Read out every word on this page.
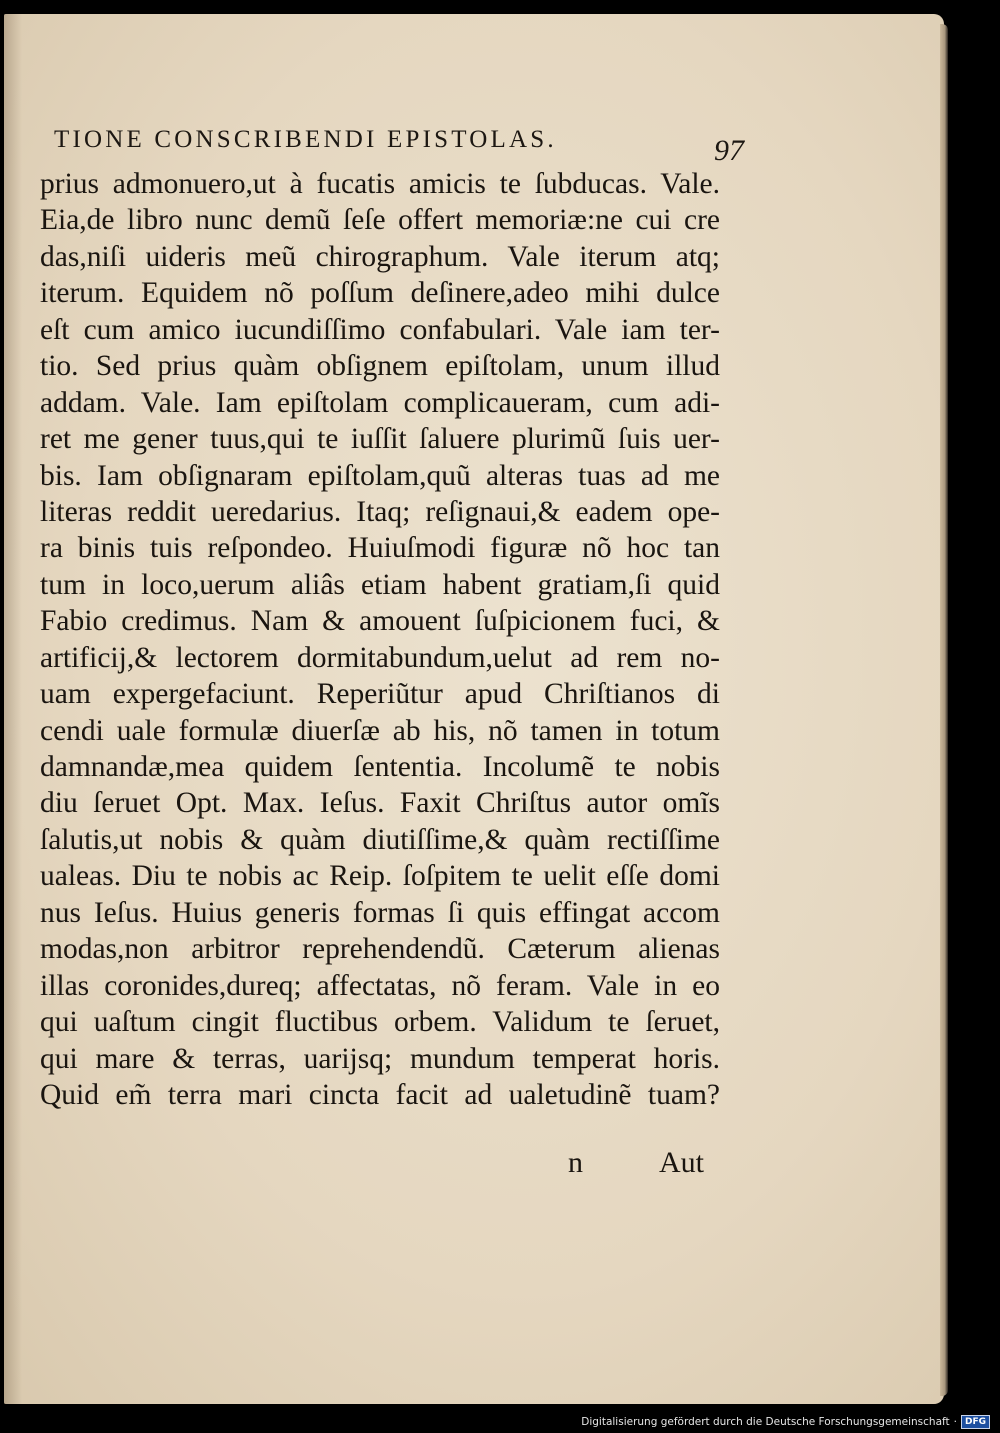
TIONE CONSCRIBENDI EPISTOLAS.	97
prius admonuero,ut à fucatis amicis te ſubducas. Vale.
Eia,de libro nunc demũ ſeſe offert memoriæ:ne cui cre
das,niſi uideris meũ chirographum. Vale iterum atq;
iterum. Equidem nõ poſſum deſinere,adeo mihi dulce
eſt cum amico iucundiſſimo confabulari. Vale iam ter-
tio. Sed prius quàm obſignem epiſtolam, unum illud
addam. Vale. Iam epiſtolam complicaueram, cum adi-
ret me gener tuus,qui te iuſſit ſaluere plurimũ ſuis uer-
bis. Iam obſignaram epiſtolam,quũ alteras tuas ad me
literas reddit ueredarius. Itaq; reſignaui,& eadem ope-
ra binis tuis reſpondeo. Huiuſmodi figuræ nõ hoc tan
tum in loco,uerum aliâs etiam habent gratiam,ſi quid
Fabio credimus. Nam & amouent ſuſpicionem fuci, &
artificij,& lectorem dormitabundum,uelut ad rem no-
uam expergefaciunt. Reperiũtur apud Chriſtianos di
cendi uale formulæ diuerſæ ab his, nõ tamen in totum
damnandæ,mea quidem ſententia. Incolumẽ te nobis
diu ſeruet Opt. Max. Ieſus. Faxit Chriſtus autor omĩs
ſalutis,ut nobis & quàm diutiſſime,& quàm rectiſſime
ualeas. Diu te nobis ac Reip. ſoſpitem te uelit eſſe domi
nus Ieſus. Huius generis formas ſi quis effingat accom
modas,non arbitror reprehendendũ. Cæterum alienas
illas coronides,dureq; affectatas, nõ feram. Vale in eo
qui uaſtum cingit fluctibus orbem. Validum te ſeruet,
qui mare & terras, uarijsq; mundum temperat horis.
Quid em̃ terra mari cincta facit ad ualetudinẽ tuam?
n	Aut
Digitalisierung gefördert durch die Deutsche Forschungsgemeinschaft · DFG
